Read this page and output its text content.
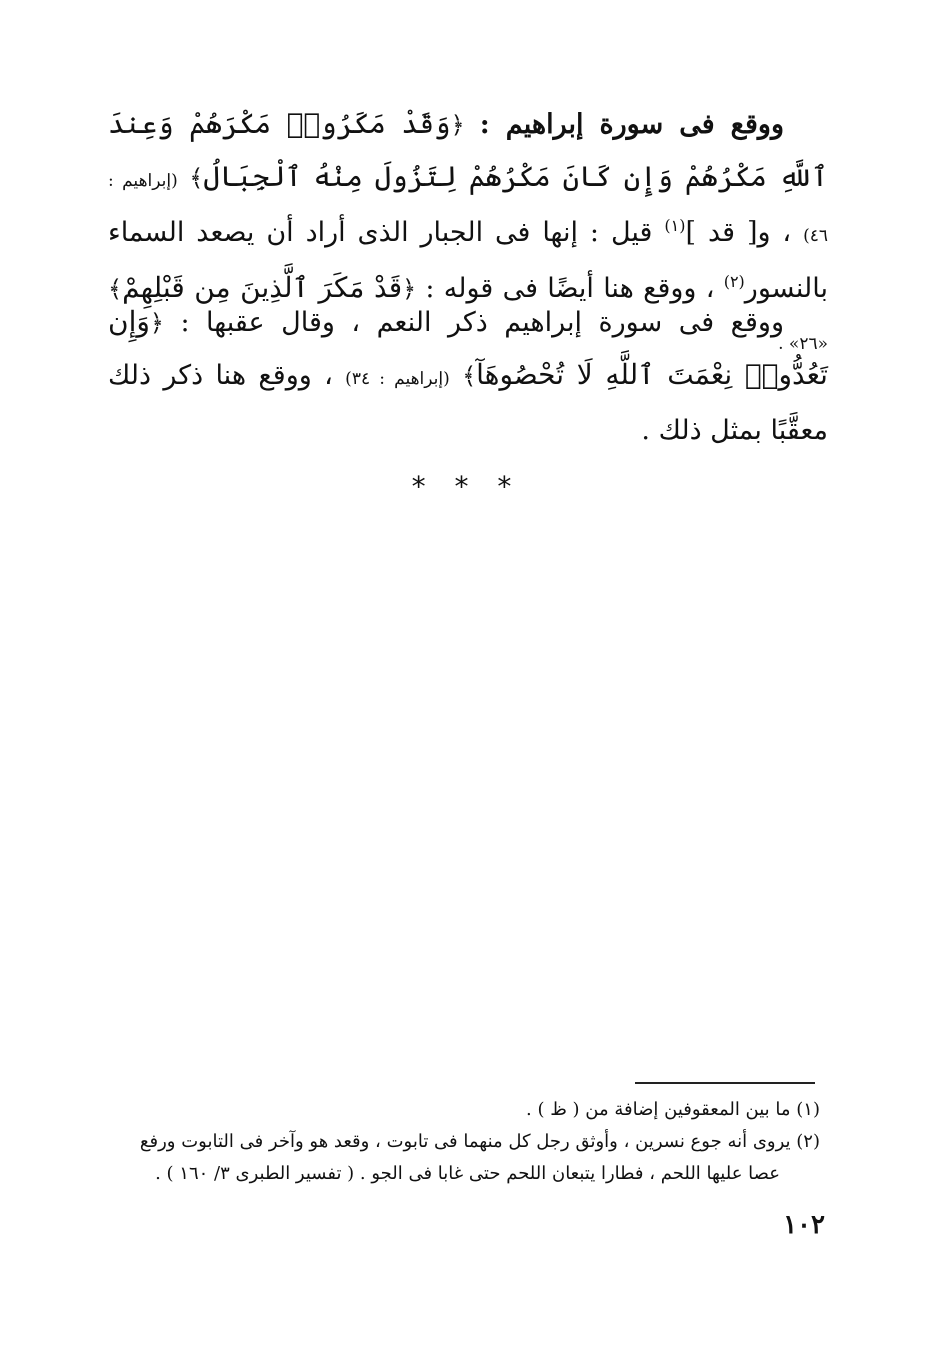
ووقع فى سورة إبراهيم : ﴿وَقَدْ مَكَرُوا۟ مَكْرَهُمْ وَعِندَ ٱللَّهِ مَكْرُهُمْ وَإِن كَانَ مَكْرُهُمْ لِتَزُولَ مِنْهُ ٱلْجِبَالُ﴾ (إبراهيم : ٤٦) ، و[ قد ]$^{(١)}$ قيل : إنها فى الجبار الذى أراد أن يصعد السماء بالنسور$^{(٢)}$ ، ووقع هنا أيضًا فى قوله : ﴿قَدْ مَكَرَ ٱلَّذِينَ مِن قَبْلِهِمْ﴾ «٢٦» .

ووقع فى سورة إبراهيم ذكر النعم ، وقال عقبها : ﴿وَإِن تَعُدُّوا۟ نِعْمَتَ ٱللَّهِ لَا تُحْصُوهَآ﴾ (إبراهيم : ٣٤) ، ووقع هنا ذكر ذلك معقَّبًا بمثل ذلك .

* * *
(١) ما بين المعقوفين إضافة من ( ظ ) .
(٢) يروى أنه جوع نسرين ، وأوثق رجل كل منهما فى تابوت ، وقعد هو وآخر فى التابوت ورفع
عصا عليها اللحم ، فطارا يتبعان اللحم حتى غابا فى الجو . ( تفسير الطبرى ٣/ ١٦٠ ) .
١٠٢
